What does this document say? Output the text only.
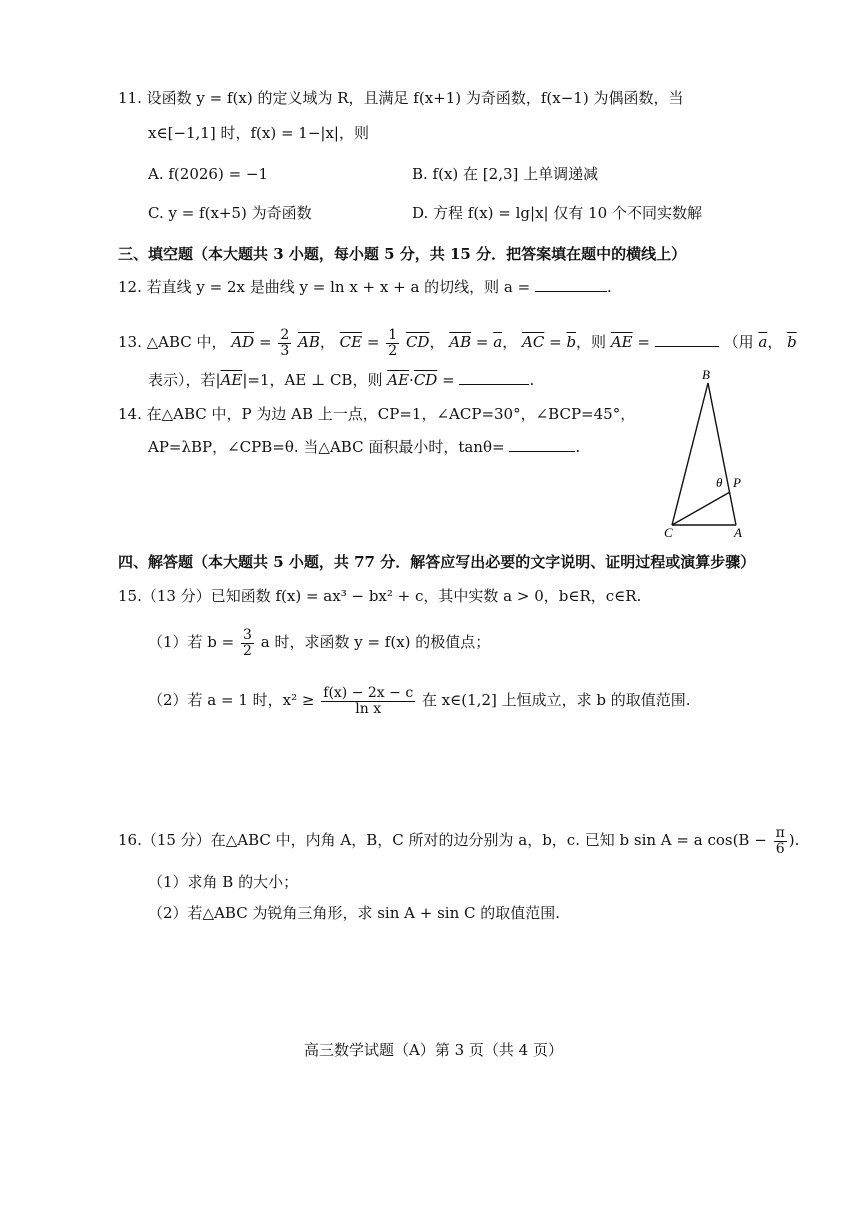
11. 设函数 y = f(x) 的定义域为 R，且满足 f(x+1) 为奇函数，f(x−1) 为偶函数，当
x∈[−1,1] 时，f(x) = 1−|x|，则
A. f(2026) = −1	B. f(x) 在 [2,3] 上单调递减
C. y = f(x+5) 为奇函数	D. 方程 f(x) = lg|x| 仅有 10 个不同实数解
三、填空题（本大题共 3 小题，每小题 5 分，共 15 分．把答案填在题中的横线上）
12. 若直线 y = 2x 是曲线 y = ln x + x + a 的切线，则 a =	.
13. △ABC 中， $\overline{AD} = \frac{2}{3} \overline{AB}$， $\overline{CE} = \frac{1}{2} \overline{CD}$， $\overline{AB} = \overline{a}$， $\overline{AC} = \overline{b}$，则 $\overline{AE}$ =	（用 $\overline{a}$， $\overline{b}$
表示），若$|\overline{AE}|=1$，AE ⊥ CB，则 $\overline{AE}\cdot\overline{CD}$ =	.
14. 在△ABC 中，P 为边 AB 上一点，CP=1，∠ACP=30°，∠BCP=45°，
AP=λBP，∠CPB=θ. 当△ABC 面积最小时，tanθ=	.
B
P
θ
C	A
四、解答题（本大题共 5 小题，共 77 分．解答应写出必要的文字说明、证明过程或演算步骤）
15.（13 分）已知函数 f(x) = ax³ − bx² + c，其中实数 a > 0，b∈R，c∈R.
（1）若 $b = \frac{3}{2}$ a 时，求函数 y = f(x) 的极值点；
（2）若 a = 1 时，$x^2 \ge \frac{f(x) - 2x - c}{\text{ln x}}$ 在 x∈(1,2] 上恒成立，求 b 的取值范围.
16.（15 分）在△ABC 中，内角 A，B，C 所对的边分别为 a，b，c. 已知 b sin A = a $\cos(B - \frac{\pi}{6}$ ).
（1）求角 B 的大小；
（2）若△ABC 为锐角三角形，求 sin A + sin C 的取值范围.
高三数学试题（A）第 3 页（共 4 页）
